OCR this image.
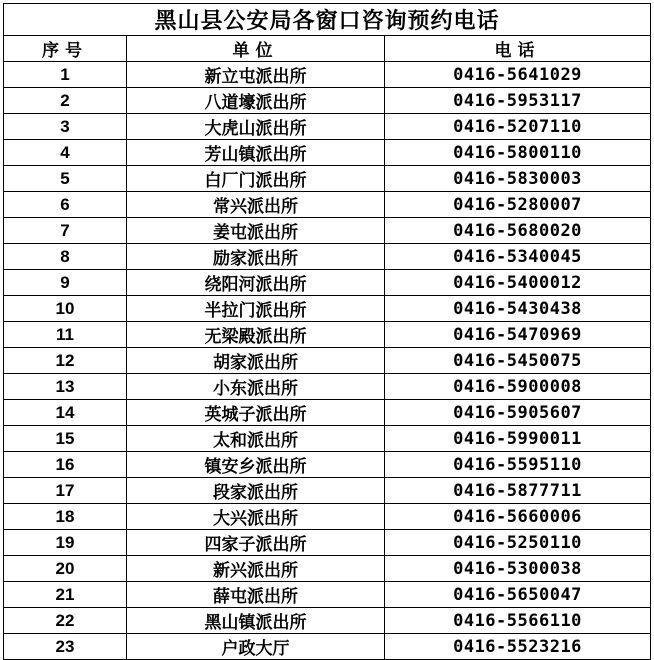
黑山县公安局各窗口咨询预约电话		
序号	单位	电话
1	新立屯派出所	0416-5641029
2	八道壕派出所	0416-5953117
3	大虎山派出所	0416-5207110
4	芳山镇派出所	0416-5800110
5	白厂门派出所	0416-5830003
6	常兴派出所	0416-5280007
7	姜屯派出所	0416-5680020
8	励家派出所	0416-5340045
9	绕阳河派出所	0416-5400012
10	半拉门派出所	0416-5430438
11	无梁殿派出所	0416-5470969
12	胡家派出所	0416-5450075
13	小东派出所	0416-5900008
14	英城子派出所	0416-5905607
15	太和派出所	0416-5990011
16	镇安乡派出所	0416-5595110
17	段家派出所	0416-5877711
18	大兴派出所	0416-5660006
19	四家子派出所	0416-5250110
20	新兴派出所	0416-5300038
21	薛屯派出所	0416-5650047
22	黑山镇派出所	0416-5566110
23	户政大厅	0416-5523216
